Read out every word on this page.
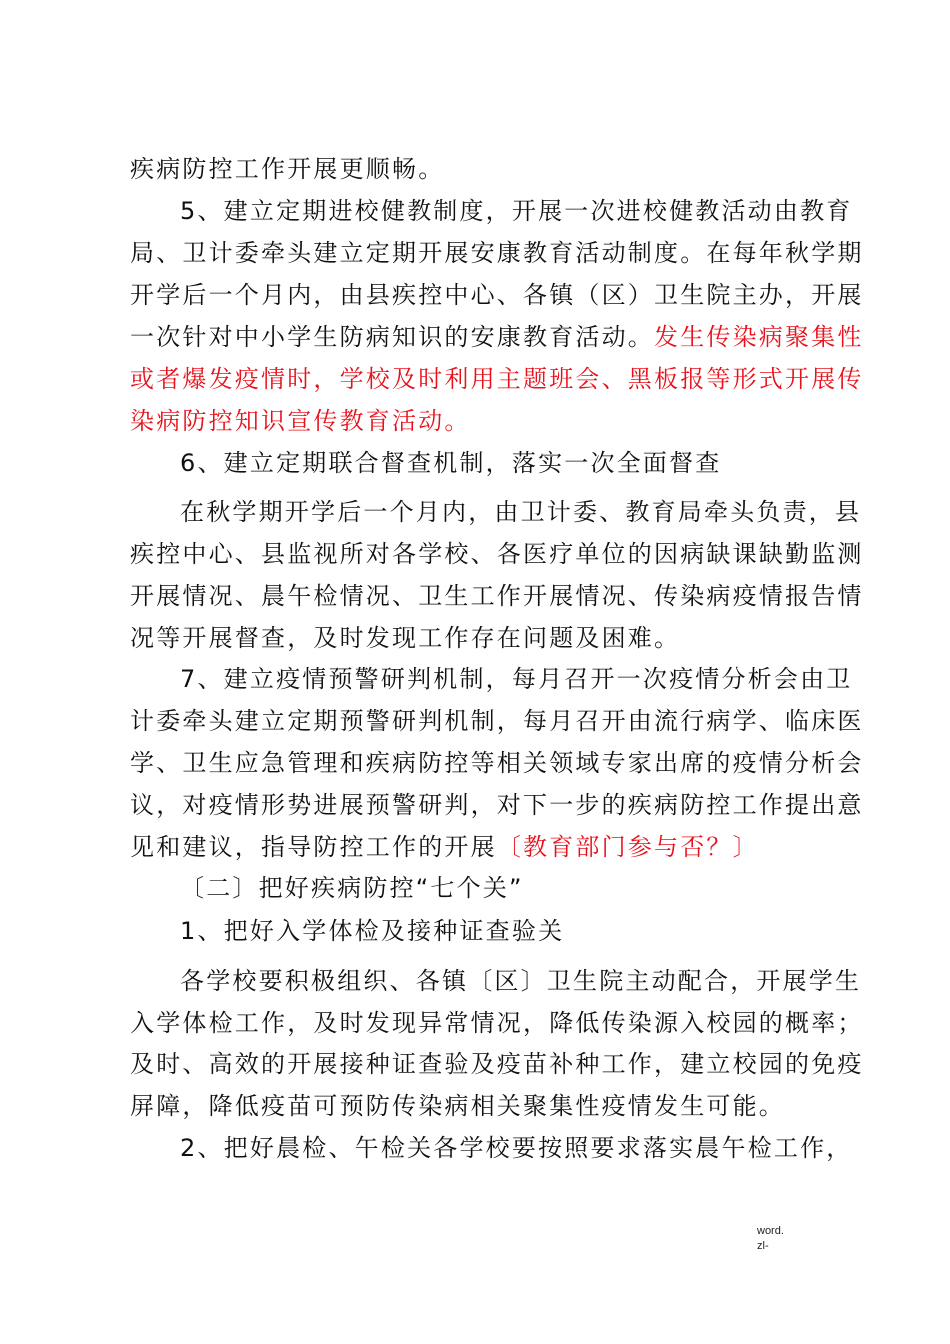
疾病防控工作开展更顺畅。
5、建立定期进校健教制度，开展一次进校健教活动由教育
局、卫计委牵头建立定期开展安康教育活动制度。在每年秋学期
开学后一个月内，由县疾控中心、各镇（区）卫生院主办，开展
一次针对中小学生防病知识的安康教育活动。发生传染病聚集性
或者爆发疫情时，学校及时利用主题班会、黑板报等形式开展传
染病防控知识宣传教育活动。
6、建立定期联合督查机制，落实一次全面督查
在秋学期开学后一个月内，由卫计委、教育局牵头负责，县
疾控中心、县监视所对各学校、各医疗单位的因病缺课缺勤监测
开展情况、晨午检情况、卫生工作开展情况、传染病疫情报告情
况等开展督查，及时发现工作存在问题及困难。
7、建立疫情预警研判机制，每月召开一次疫情分析会由卫
计委牵头建立定期预警研判机制，每月召开由流行病学、临床医
学、卫生应急管理和疾病防控等相关领域专家出席的疫情分析会
议，对疫情形势进展预警研判，对下一步的疾病防控工作提出意
见和建议，指导防控工作的开展〔教育部门参与否？〕
〔二〕把好疾病防控“七个关”
1、把好入学体检及接种证查验关
各学校要积极组织、各镇〔区〕卫生院主动配合，开展学生
入学体检工作，及时发现异常情况，降低传染源入校园的概率；
及时、高效的开展接种证查验及疫苗补种工作，建立校园的免疫
屏障，降低疫苗可预防传染病相关聚集性疫情发生可能。
2、把好晨检、午检关各学校要按照要求落实晨午检工作，
word.
zl-
